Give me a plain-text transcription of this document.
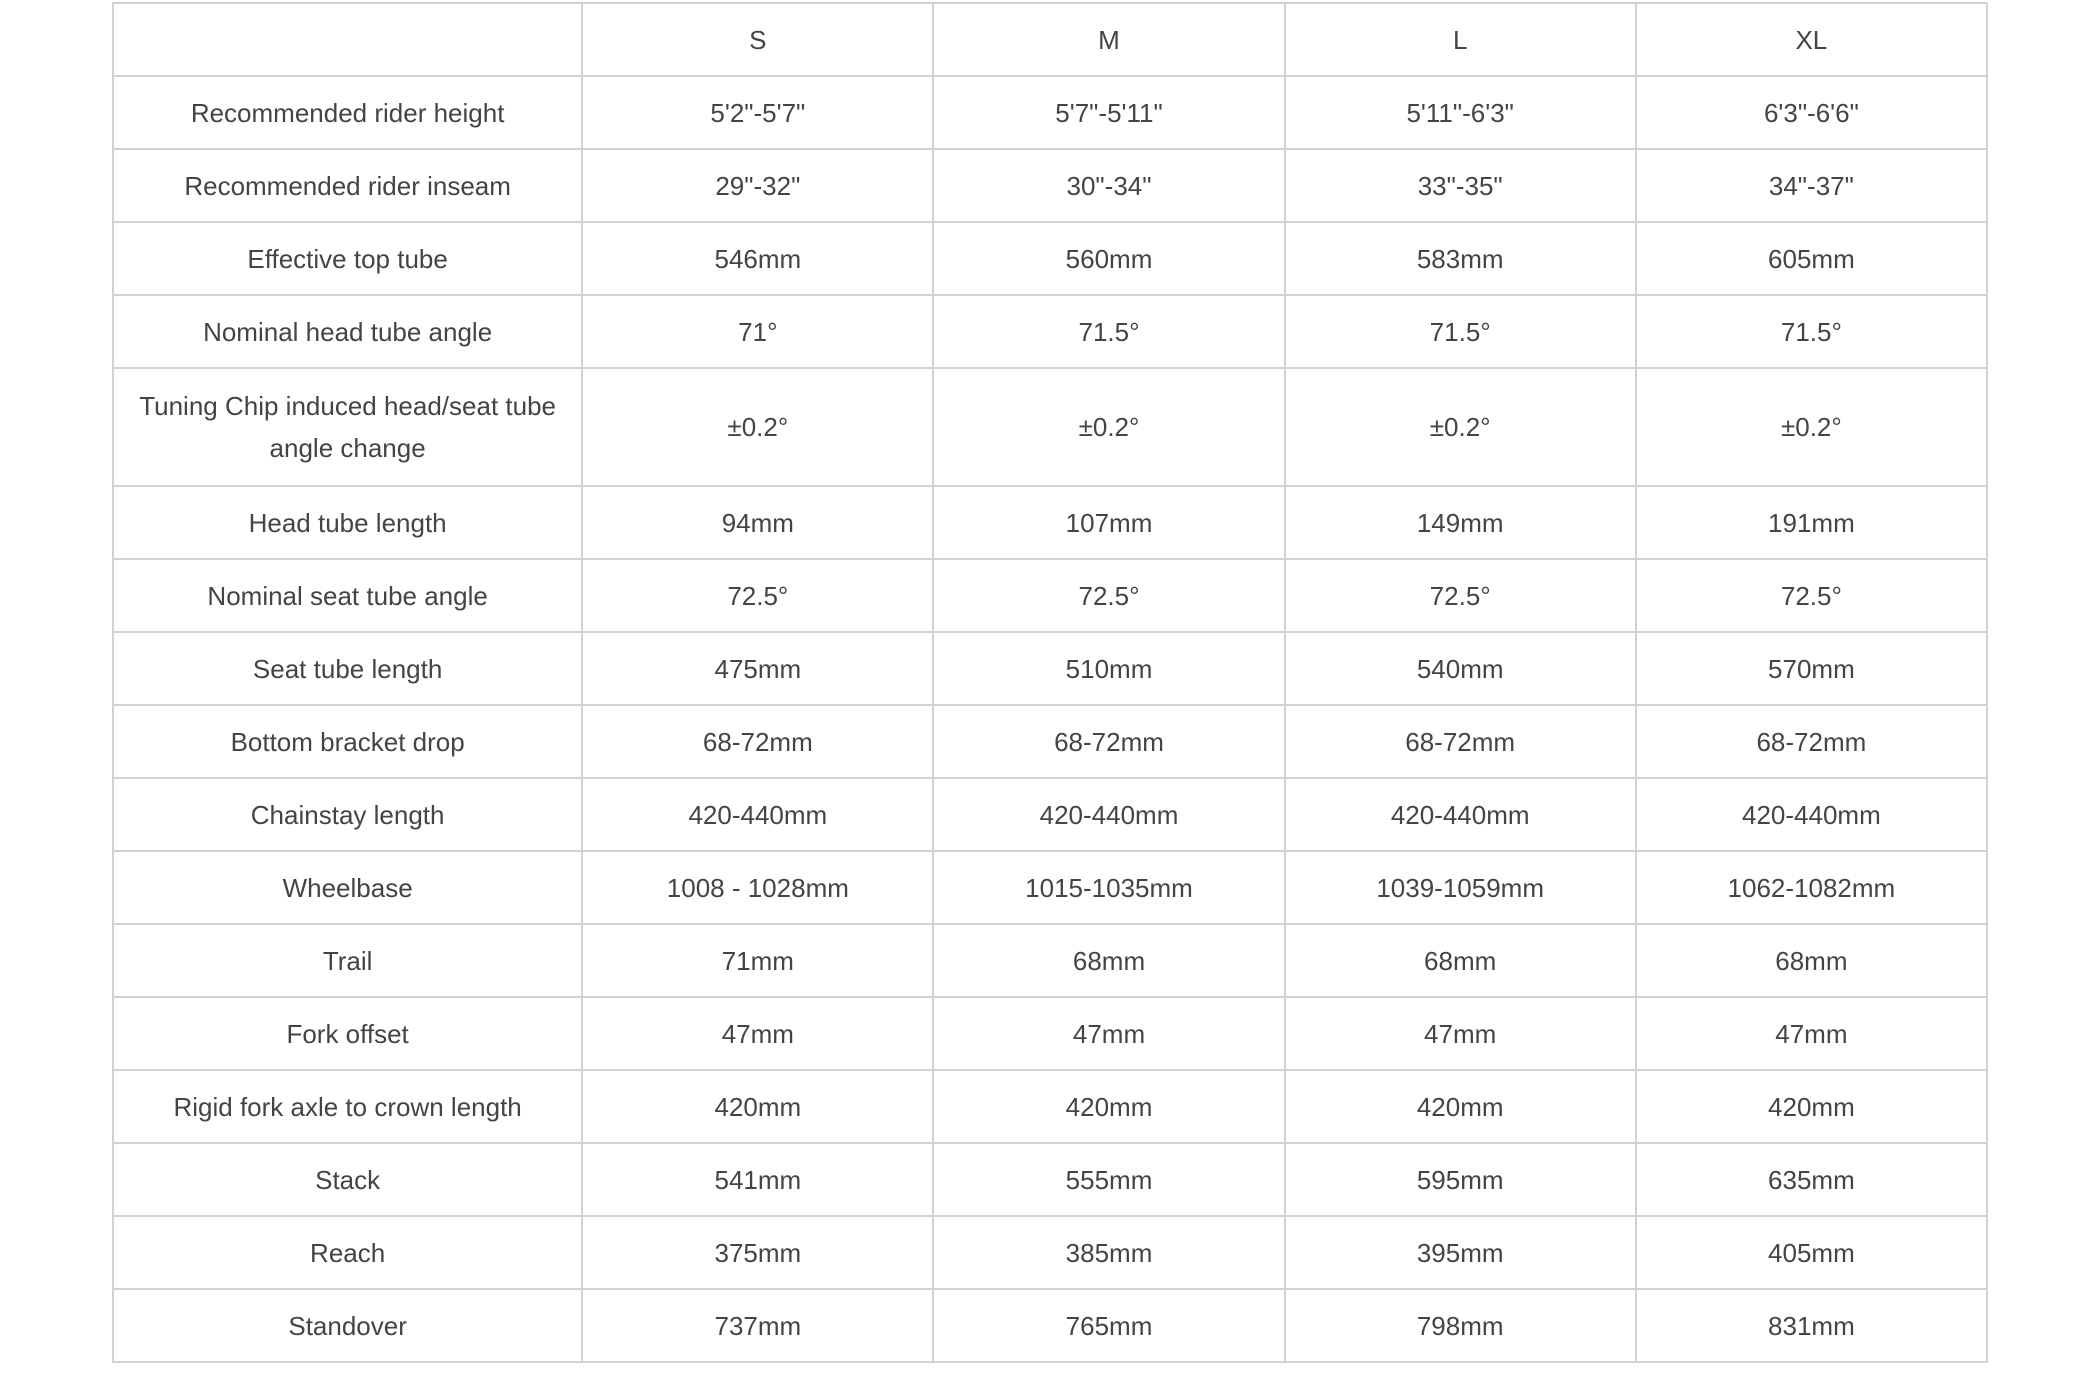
	S	M	L	XL
Recommended rider height	5'2"-5'7"	5'7"-5'11"	5'11"-6'3"	6'3"-6'6"
Recommended rider inseam	29"-32"	30"-34"	33"-35"	34"-37"
Effective top tube	546mm	560mm	583mm	605mm
Nominal head tube angle	71°	71.5°	71.5°	71.5°
Tuning Chip induced head/seat tube angle change	±0.2°	±0.2°	±0.2°	±0.2°
Head tube length	94mm	107mm	149mm	191mm
Nominal seat tube angle	72.5°	72.5°	72.5°	72.5°
Seat tube length	475mm	510mm	540mm	570mm
Bottom bracket drop	68-72mm	68-72mm	68-72mm	68-72mm
Chainstay length	420-440mm	420-440mm	420-440mm	420-440mm
Wheelbase	1008 - 1028mm	1015-1035mm	1039-1059mm	1062-1082mm
Trail	71mm	68mm	68mm	68mm
Fork offset	47mm	47mm	47mm	47mm
Rigid fork axle to crown length	420mm	420mm	420mm	420mm
Stack	541mm	555mm	595mm	635mm
Reach	375mm	385mm	395mm	405mm
Standover	737mm	765mm	798mm	831mm
